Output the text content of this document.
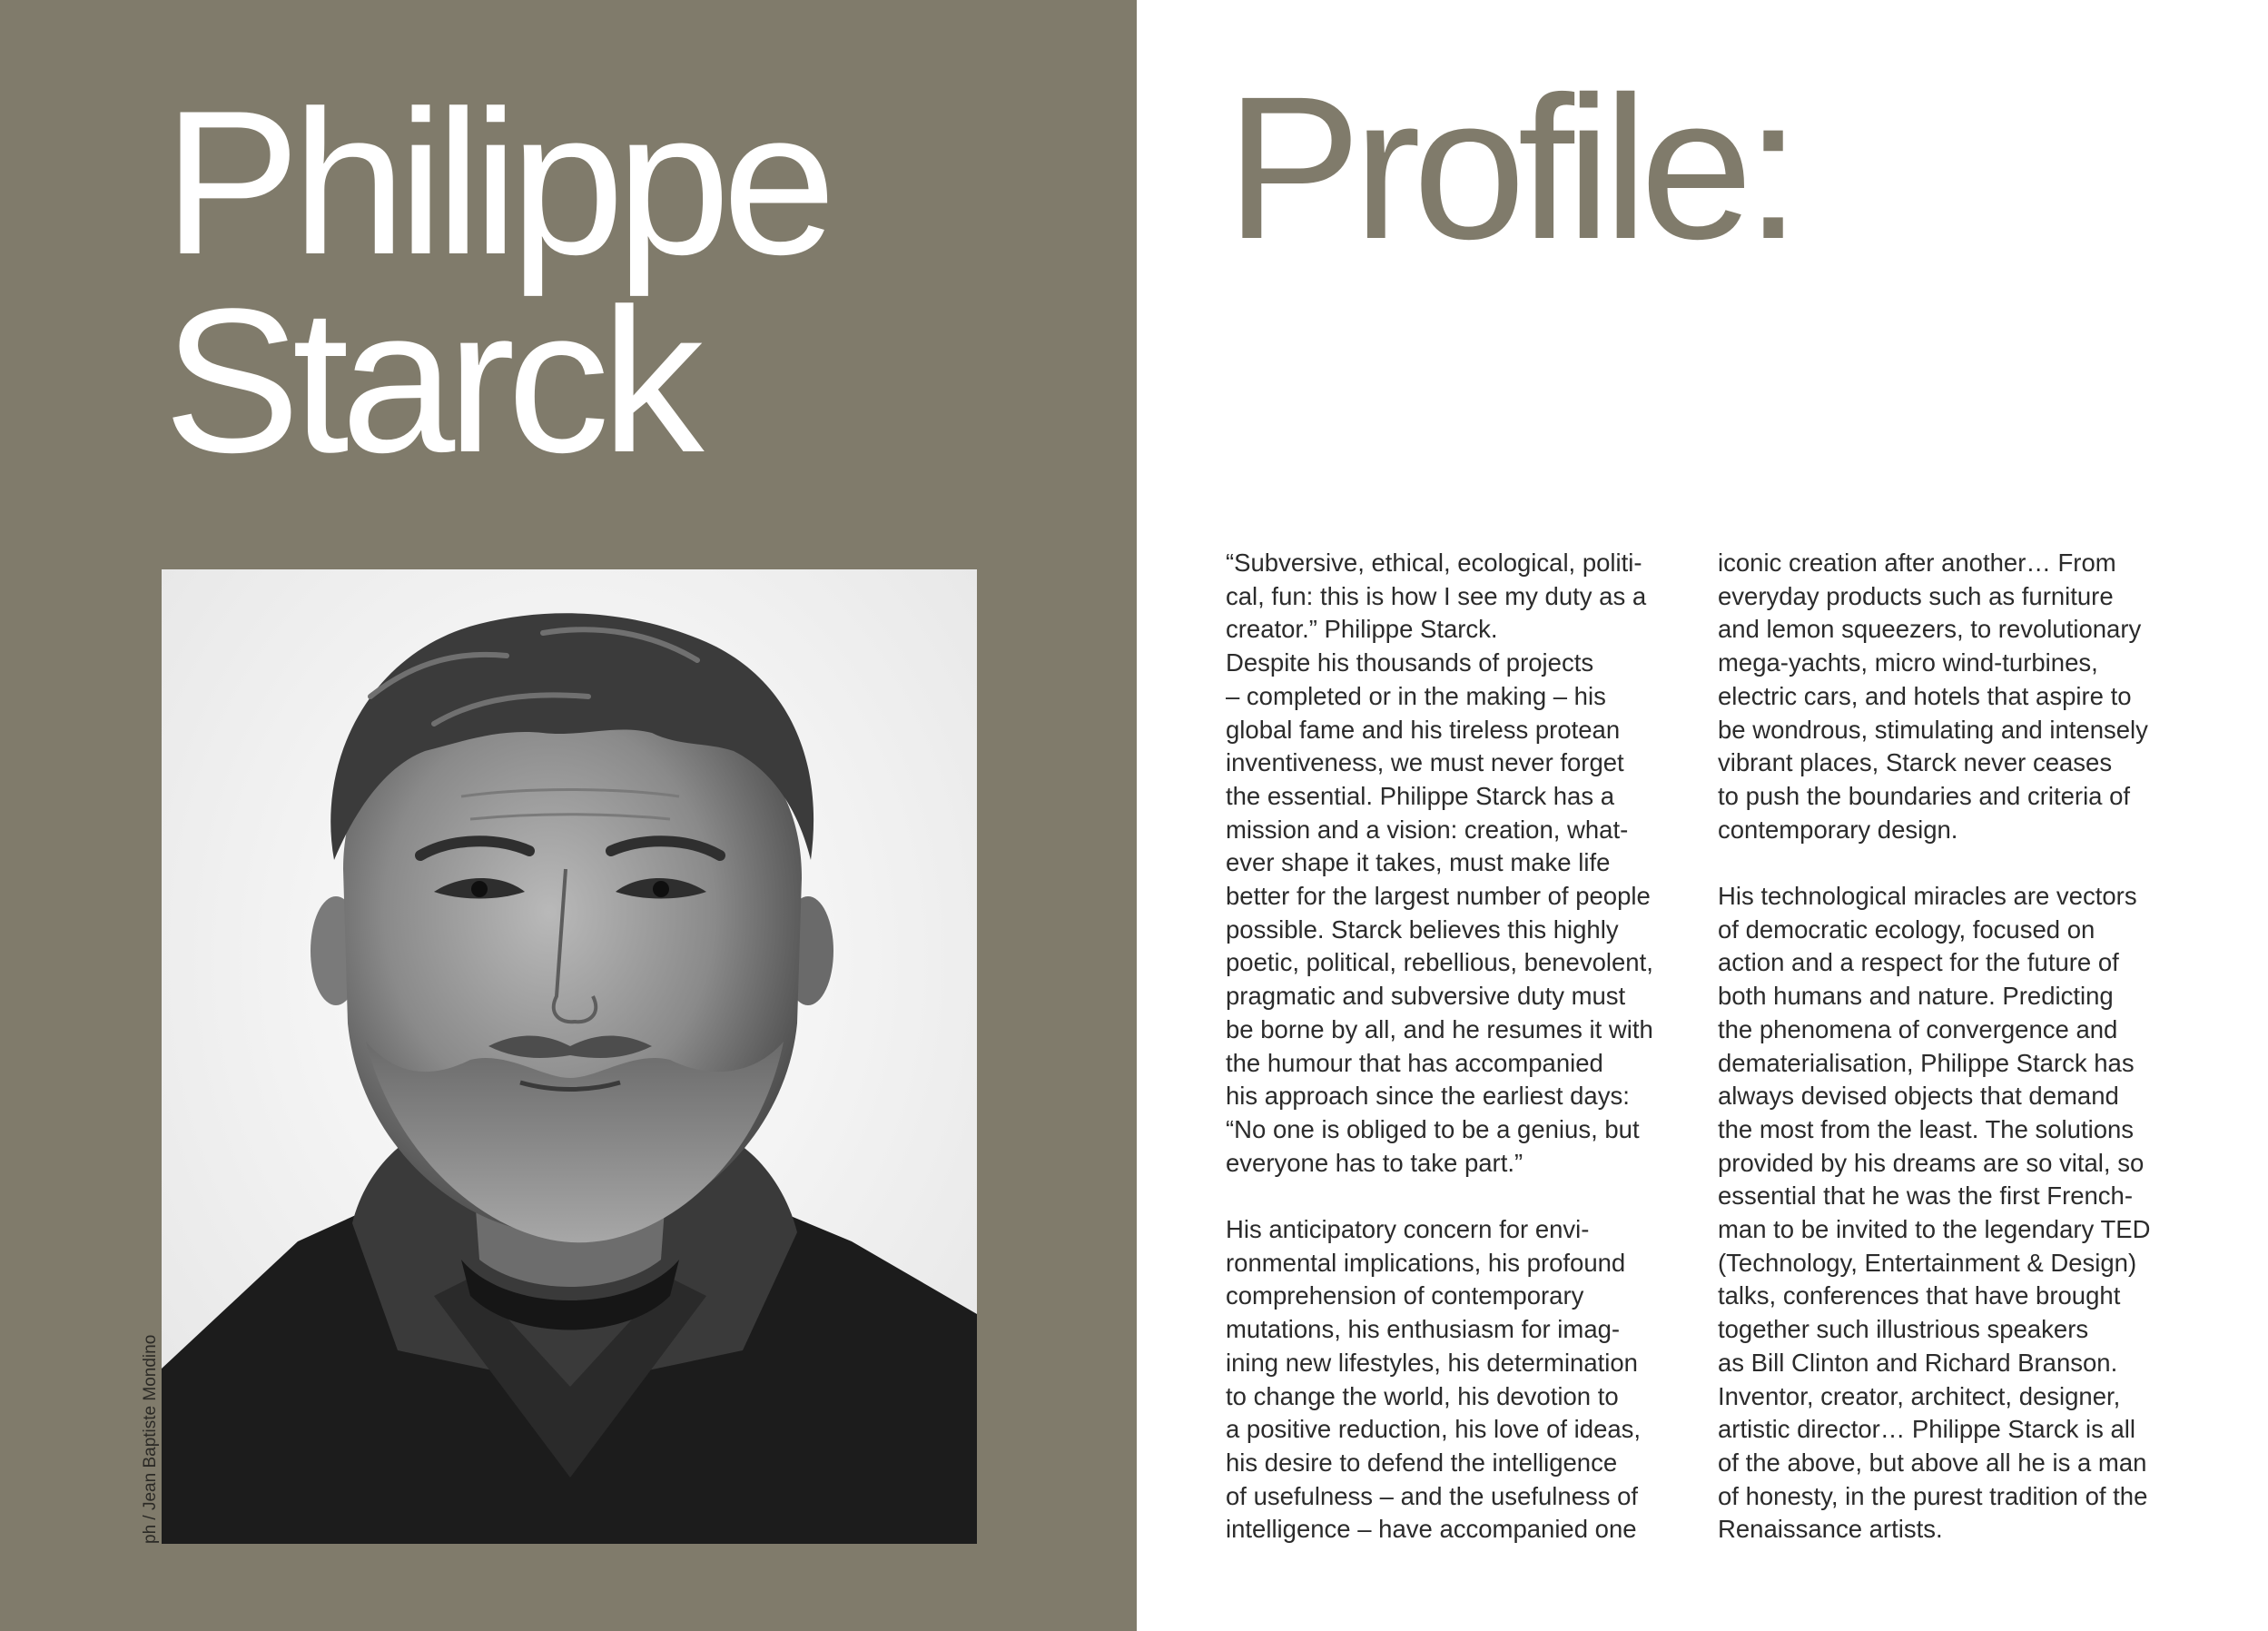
Philippe
Starck
ph / Jean Baptiste Mondino
Profile:
“Subversive, ethical, ecological, politi-
cal, fun: this is how I see my duty as a
creator.” Philippe Starck.
Despite his thousands of projects
– completed or in the making – his
global fame and his tireless protean
inventiveness, we must never forget
the essential. Philippe Starck has a
mission and a vision: creation, what-
ever shape it takes, must make life
better for the largest number of people
possible. Starck believes this highly
poetic, political, rebellious, benevolent,
pragmatic and subversive duty must
be borne by all, and he resumes it with
the humour that has accompanied
his approach since the earliest days:
“No one is obliged to be a genius, but
everyone has to take part.”
His anticipatory concern for envi-
ronmental implications, his profound
comprehension of contemporary
mutations, his enthusiasm for imag-
ining new lifestyles, his determination
to change the world, his devotion to
a positive reduction, his love of ideas,
his desire to defend the intelligence
of usefulness – and the usefulness of
intelligence – have accompanied one
iconic creation after another… From
everyday products such as furniture
and lemon squeezers, to revolutionary
mega-yachts, micro wind-turbines,
electric cars, and hotels that aspire to
be wondrous, stimulating and intensely
vibrant places, Starck never ceases
to push the boundaries and criteria of
contemporary design.
His technological miracles are vectors
of democratic ecology, focused on
action and a respect for the future of
both humans and nature. Predicting
the phenomena of convergence and
dematerialisation, Philippe Starck has
always devised objects that demand
the most from the least. The solutions
provided by his dreams are so vital, so
essential that he was the first French-
man to be invited to the legendary TED
(Technology, Entertainment & Design)
talks, conferences that have brought
together such illustrious speakers
as Bill Clinton and Richard Branson.
Inventor, creator, architect, designer,
artistic director… Philippe Starck is all
of the above, but above all he is a man
of honesty, in the purest tradition of the
Renaissance artists.
